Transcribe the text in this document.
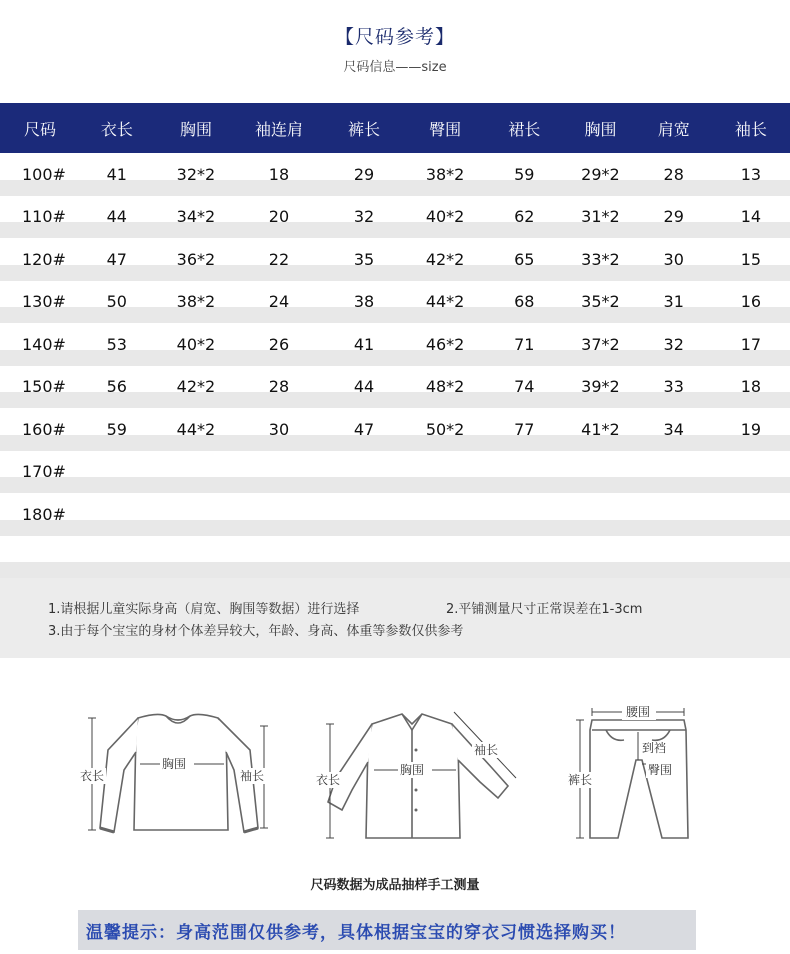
【尺码参考】
尺码信息——size
尺码	衣长	胸围	袖连肩	裤长	臀围	裙长	胸围	肩宽	袖长
100#	41	32*2	18	29	38*2	59	29*2	28	13
110#	44	34*2	20	32	40*2	62	31*2	29	14
120#	47	36*2	22	35	42*2	65	33*2	30	15
130#	50	38*2	24	38	44*2	68	35*2	31	16
140#	53	40*2	26	41	46*2	71	37*2	32	17
150#	56	42*2	28	44	48*2	74	39*2	33	18
160#	59	44*2	30	47	50*2	77	41*2	34	19
170#
180#
1.请根据儿童实际身高（肩宽、胸围等数据）进行选择	2.平铺测量尺寸正常误差在1-3cm
3.由于每个宝宝的身材个体差异较大，年龄、身高、体重等参数仅供参考
衣长
胸围
袖长	衣长
胸围
袖长
腰围
裤长
到裆
臀围
尺码数据为成品抽样手工测量
温馨提示：身高范围仅供参考，具体根据宝宝的穿衣习惯选择购买！
